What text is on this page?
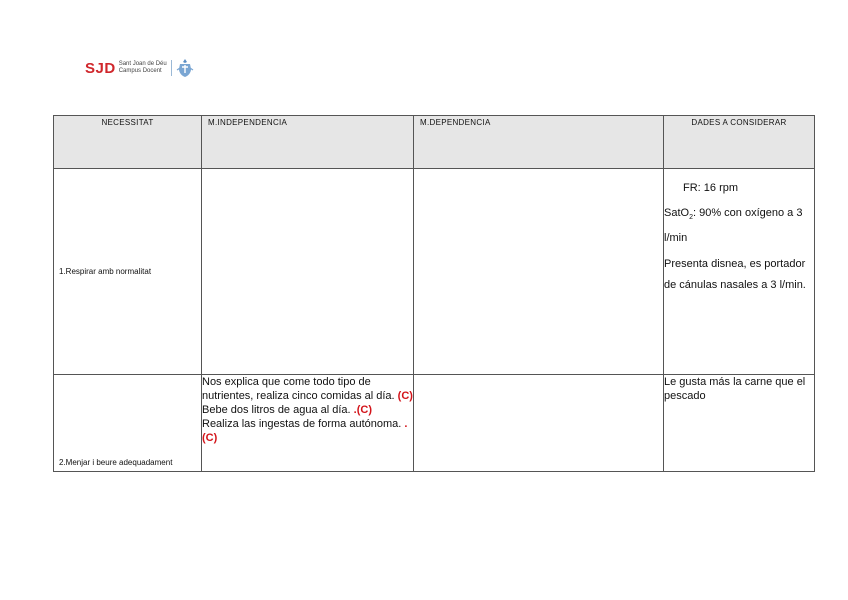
SJD Sant Joan de Déu
Campus Docent
NECESSITAT	M.INDEPENDENCIA	M.DEPENDENCIA	DADES A CONSIDERAR
1.Respirar amb normalitat			FR: 16 rpm

SatO$_2$: 90% con oxígeno a 3 l/min

Presenta disnea, es portador de cánulas nasales a 3 l/min.

2.Menjar i beure adequadament	Nos explica que come todo tipo de nutrientes, realiza cinco comidas al día. (C)
Bebe dos litros de agua al día. .(C)
Realiza las ingestas de forma autónoma. .(C)		Le gusta más la carne que el pescado
